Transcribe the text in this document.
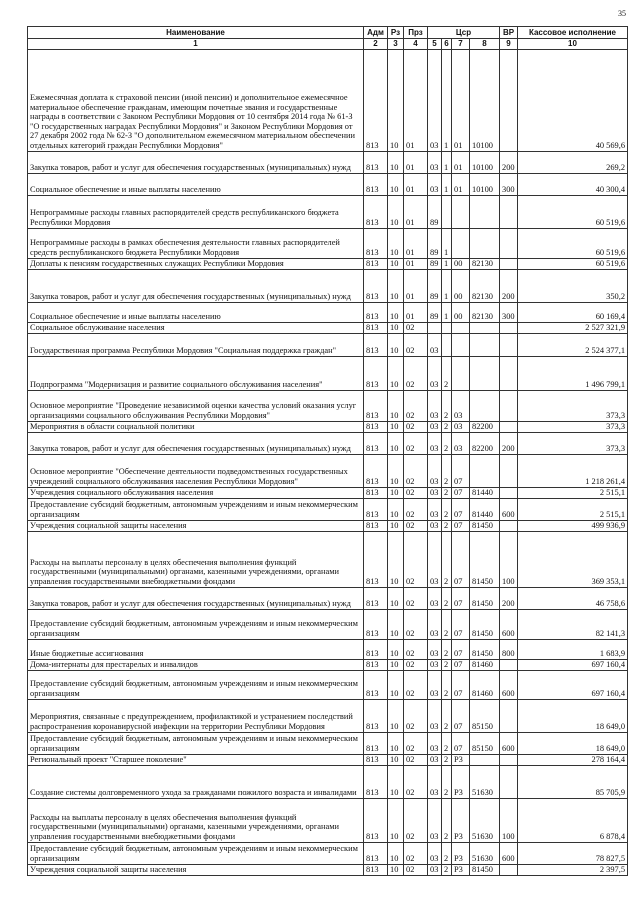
35
Наименование	Адм	Рз	Прз	Цср				ВР	Кассовое исполнение
1	2	3	4	5	6	7	8	9	10
Ежемесячная доплата к страховой пенсии (иной пенсии) и дополнительное ежемесячное материальное обеспечение гражданам, имеющим почетные звания и государственные награды в соответствии с Законом Республики Мордовия от 10 сентября 2014 года № 61-З "О государственных наградах Республики Мордовия" и Законом Республики Мордовия от 27 декабря 2002 года № 62-З "О дополнительном ежемесячном материальном обеспечении отдельных категорий граждан Республики Мордовия"	813	10	01	03	1	01	10100		40 569,6
Закупка товаров, работ и услуг для обеспечения государственных (муниципальных) нужд	813	10	01	03	1	01	10100	200	269,2
Социальное обеспечение и иные выплаты населению	813	10	01	03	1	01	10100	300	40 300,4
Непрограммные расходы главных распорядителей средств республиканского бюджета Республики Мордовия	813	10	01	89					60 519,6
Непрограммные расходы в рамках обеспечения деятельности главных распорядителей средств республиканского бюджета Республики Мордовия	813	10	01	89	1				60 519,6
Доплаты к пенсиям государственных служащих Республики Мордовия	813	10	01	89	1	00	82130		60 519,6
Закупка товаров, работ и услуг для обеспечения государственных (муниципальных) нужд	813	10	01	89	1	00	82130	200	350,2
Социальное обеспечение и иные выплаты населению	813	10	01	89	1	00	82130	300	60 169,4
Социальное обслуживание населения	813	10	02						2 527 321,9
Государственная программа Республики Мордовия "Социальная поддержка граждан"	813	10	02	03					2 524 377,1
Подпрограмма "Модернизация и развитие социального обслуживания населения"	813	10	02	03	2				1 496 799,1
Основное мероприятие "Проведение независимой оценки качества условий оказания услуг организациями социального обслуживания Республики Мордовия"	813	10	02	03	2	03			373,3
Мероприятия в области социальной политики	813	10	02	03	2	03	82200		373,3
Закупка товаров, работ и услуг для обеспечения государственных (муниципальных) нужд	813	10	02	03	2	03	82200	200	373,3
Основное мероприятие "Обеспечение деятельности подведомственных государственных учреждений социального обслуживания населения Республики Мордовия"	813	10	02	03	2	07			1 218 261,4
Учреждения социального обслуживания населения	813	10	02	03	2	07	81440		2 515,1
Предоставление субсидий бюджетным, автономным учреждениям и иным некоммерческим организациям	813	10	02	03	2	07	81440	600	2 515,1
Учреждения социальной защиты населения	813	10	02	03	2	07	81450		499 936,9
Расходы на выплаты персоналу в целях обеспечения выполнения функций государственными (муниципальными) органами, казенными учреждениями, органами управления государственными внебюджетными фондами	813	10	02	03	2	07	81450	100	369 353,1
Закупка товаров, работ и услуг для обеспечения государственных (муниципальных) нужд	813	10	02	03	2	07	81450	200	46 758,6
Предоставление субсидий бюджетным, автономным учреждениям и иным некоммерческим организациям	813	10	02	03	2	07	81450	600	82 141,3
Иные бюджетные ассигнования	813	10	02	03	2	07	81450	800	1 683,9
Дома-интернаты для престарелых и инвалидов	813	10	02	03	2	07	81460		697 160,4
Предоставление субсидий бюджетным, автономным учреждениям и иным некоммерческим организациям	813	10	02	03	2	07	81460	600	697 160,4
Мероприятия, связанные с предупреждением, профилактикой и устранением последствий распространения коронавирусной инфекции на территории Республики Мордовия	813	10	02	03	2	07	85150		18 649,0
Предоставление субсидий бюджетным, автономным учреждениям и иным некоммерческим организациям	813	10	02	03	2	07	85150	600	18 649,0
Региональный проект "Старшее поколение"	813	10	02	03	2	P3			278 164,4
Создание системы долговременного ухода за гражданами пожилого возраста и инвалидами	813	10	02	03	2	P3	51630		85 705,9
Расходы на выплаты персоналу в целях обеспечения выполнения функций государственными (муниципальными) органами, казенными учреждениями, органами управления государственными внебюджетными фондами	813	10	02	03	2	P3	51630	100	6 878,4
Предоставление субсидий бюджетным, автономным учреждениям и иным некоммерческим организациям	813	10	02	03	2	P3	51630	600	78 827,5
Учреждения социальной защиты населения	813	10	02	03	2	P3	81450		2 397,5
